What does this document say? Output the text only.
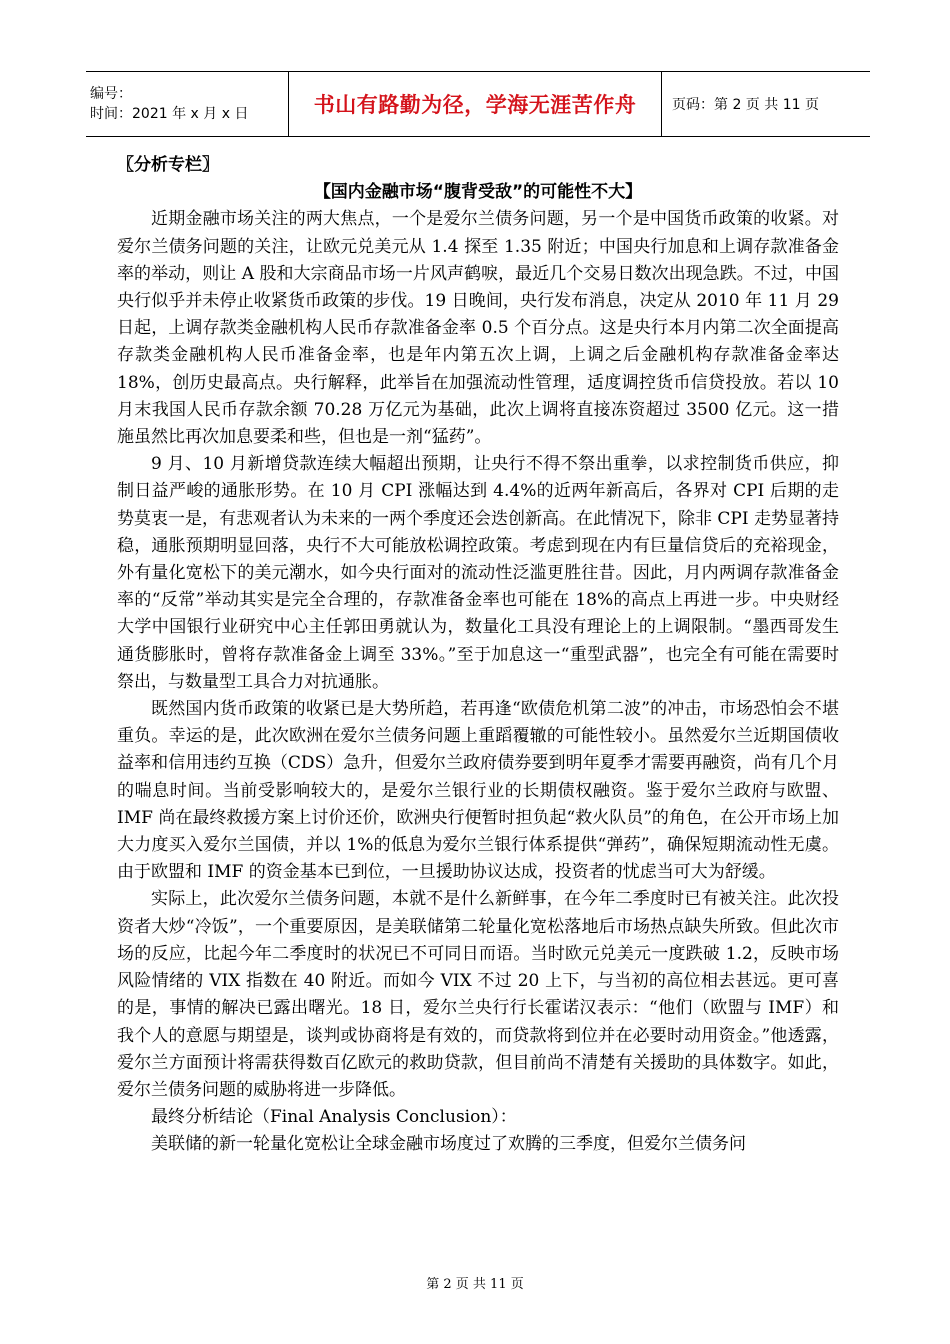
编号：
时间：2021 年 x 月 x 日	书山有路勤为径，学海无涯苦作舟	页码：第 2 页 共 11 页

〖分析专栏〗

【国内金融市场“腹背受敌”的可能性不大】

近期金融市场关注的两大焦点，一个是爱尔兰债务问题，另一个是中国货币政策的收紧。对爱尔兰债务问题的关注，让欧元兑美元从 1.4 探至 1.35 附近；中国央行加息和上调存款准备金率的举动，则让 A 股和大宗商品市场一片风声鹤唳，最近几个交易日数次出现急跌。不过，中国央行似乎并未停止收紧货币政策的步伐。19 日晚间，央行发布消息，决定从 2010 年 11 月 29 日起，上调存款类金融机构人民币存款准备金率 0.5 个百分点。这是央行本月内第二次全面提高存款类金融机构人民币准备金率，也是年内第五次上调，上调之后金融机构存款准备金率达 18%，创历史最高点。央行解释，此举旨在加强流动性管理，适度调控货币信贷投放。若以 10 月末我国人民币存款余额 70.28 万亿元为基础，此次上调将直接冻资超过 3500 亿元。这一措施虽然比再次加息要柔和些，但也是一剂“猛药”。

9 月、10 月新增贷款连续大幅超出预期，让央行不得不祭出重拳，以求控制货币供应，抑制日益严峻的通胀形势。在 10 月 CPI 涨幅达到 4.4%的近两年新高后，各界对 CPI 后期的走势莫衷一是，有悲观者认为未来的一两个季度还会迭创新高。在此情况下，除非 CPI 走势显著持稳，通胀预期明显回落，央行不大可能放松调控政策。考虑到现在内有巨量信贷后的充裕现金，外有量化宽松下的美元潮水，如今央行面对的流动性泛滥更胜往昔。因此，月内两调存款准备金率的“反常”举动其实是完全合理的，存款准备金率也可能在 18%的高点上再进一步。中央财经大学中国银行业研究中心主任郭田勇就认为，数量化工具没有理论上的上调限制。“墨西哥发生通货膨胀时，曾将存款准备金上调至 33%。”至于加息这一“重型武器”，也完全有可能在需要时祭出，与数量型工具合力对抗通胀。

既然国内货币政策的收紧已是大势所趋，若再逢“欧债危机第二波”的冲击，市场恐怕会不堪重负。幸运的是，此次欧洲在爱尔兰债务问题上重蹈覆辙的可能性较小。虽然爱尔兰近期国债收益率和信用违约互换（CDS）急升，但爱尔兰政府债券要到明年夏季才需要再融资，尚有几个月的喘息时间。当前受影响较大的，是爱尔兰银行业的长期债权融资。鉴于爱尔兰政府与欧盟、IMF 尚在最终救援方案上讨价还价，欧洲央行便暂时担负起“救火队员”的角色，在公开市场上加大力度买入爱尔兰国债，并以 1%的低息为爱尔兰银行体系提供“弹药”，确保短期流动性无虞。由于欧盟和 IMF 的资金基本已到位，一旦援助协议达成，投资者的忧虑当可大为舒缓。

实际上，此次爱尔兰债务问题，本就不是什么新鲜事，在今年二季度时已有被关注。此次投资者大炒“冷饭”，一个重要原因，是美联储第二轮量化宽松落地后市场热点缺失所致。但此次市场的反应，比起今年二季度时的状况已不可同日而语。当时欧元兑美元一度跌破 1.2，反映市场风险情绪的 VIX 指数在 40 附近。而如今 VIX 不过 20 上下，与当初的高位相去甚远。更可喜的是，事情的解决已露出曙光。18 日，爱尔兰央行行长霍诺汉表示：“他们（欧盟与 IMF）和我个人的意愿与期望是，谈判或协商将是有效的，而贷款将到位并在必要时动用资金。”他透露，爱尔兰方面预计将需获得数百亿欧元的救助贷款，但目前尚不清楚有关援助的具体数字。如此，爱尔兰债务问题的威胁将进一步降低。

最终分析结论（Final Analysis Conclusion）：

美联储的新一轮量化宽松让全球金融市场度过了欢腾的三季度，但爱尔兰债务问

第 2 页 共 11 页
